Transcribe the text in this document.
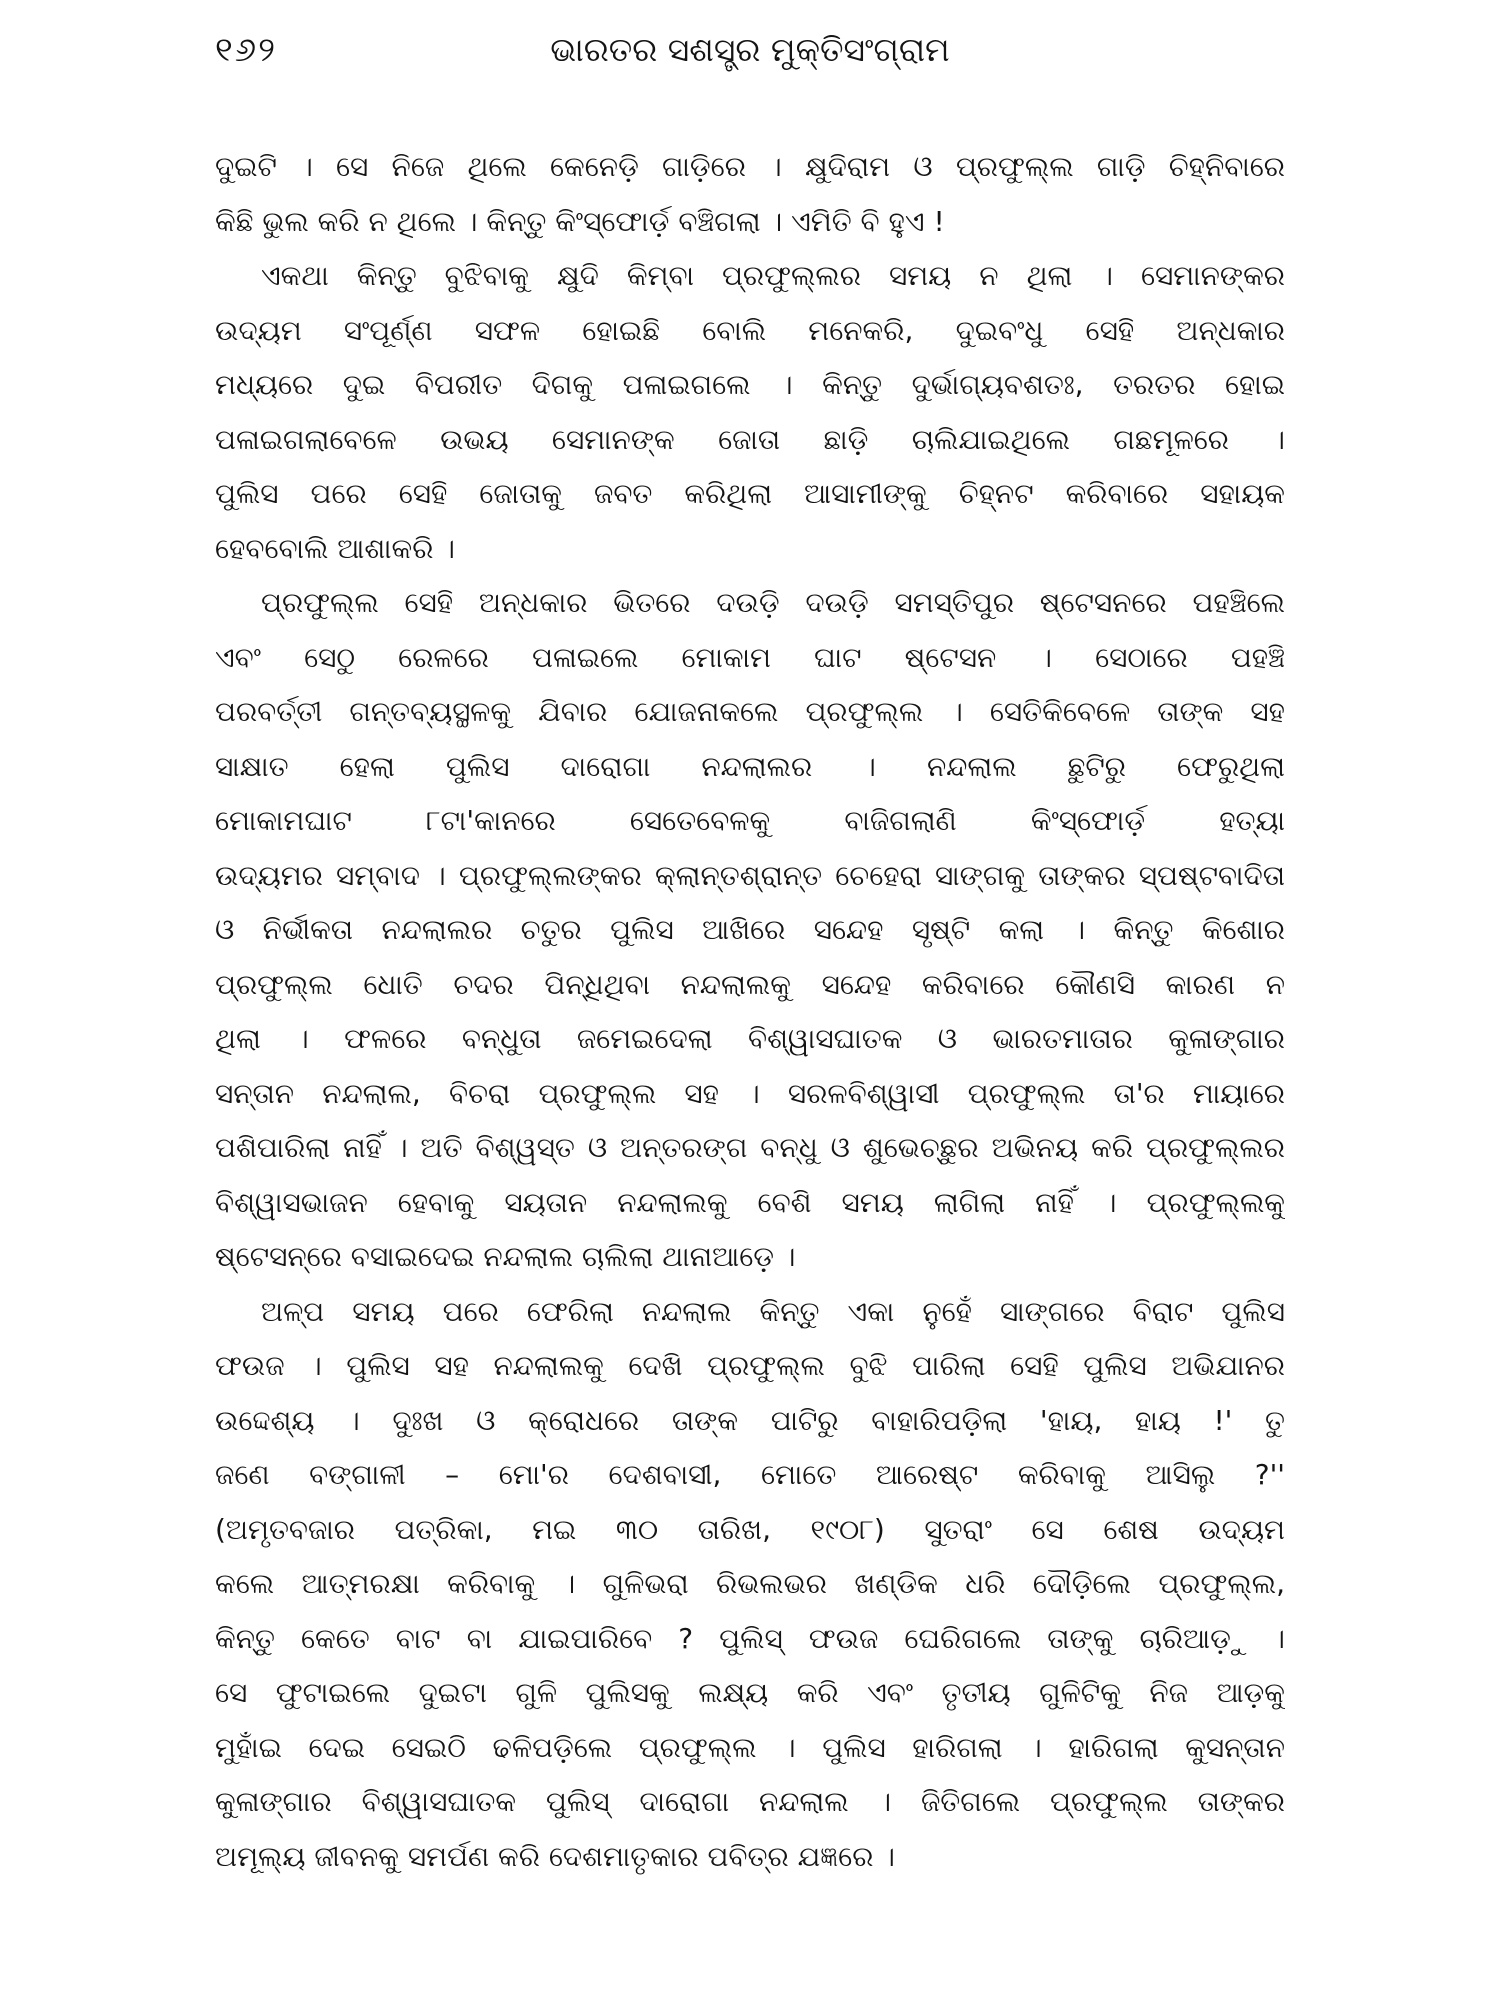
୧୬୨	ଭାରତର ସଶସ୍ତ୍ର ମୁକ୍ତିସଂଗ୍ରାମ
ଦୁଇଟି । ସେ ନିଜେ ଥିଲେ କେନେଡ଼ି ଗାଡ଼ିରେ । କ୍ଷୁଦିରାମ ଓ ପ୍ରଫୁଲ୍ଲ ଗାଡ଼ି ଚିହ୍ନିବାରେ
କିଛି ଭୁଲ କରି ନ ଥିଲେ । କିନ୍ତୁ କିଂସ୍‌ଫୋର୍ଡ଼ ବଞ୍ଚିଗଲା । ଏମିତି ବି ହୁଏ !
ଏକଥା କିନ୍ତୁ ବୁଝିବାକୁ କ୍ଷୁଦି କିମ୍ବା ପ୍ରଫୁଲ୍ଲର ସମୟ ନ ଥିଲା । ସେମାନଙ୍କର
ଉଦ୍ୟମ ସଂପୂର୍ଣ୍ଣ ସଫଳ ହୋଇଛି ବୋଲି ମନେକରି, ଦୁଇବଂଧୁ ସେହି ଅନ୍ଧକାର
ମଧ୍ୟରେ ଦୁଇ ବିପରୀତ ଦିଗକୁ ପଳାଇଗଲେ । କିନ୍ତୁ ଦୁର୍ଭାଗ୍ୟବଶତଃ, ତରତର ହୋଇ
ପଳାଇଗଲାବେଳେ ଉଭୟ ସେମାନଙ୍କ ଜୋତା ଛାଡ଼ି ଚାଲିଯାଇଥିଲେ ଗଛମୂଳରେ ।
ପୁଲିସ ପରେ ସେହି ଜୋତାକୁ ଜବତ କରିଥିଲା ଆସାମୀଙ୍କୁ ଚିହ୍ନଟ କରିବାରେ ସହାୟକ
ହେବବୋଲି ଆଶାକରି ।
ପ୍ରଫୁଲ୍ଲ ସେହି ଅନ୍ଧକାର ଭିତରେ ଦଉଡ଼ି ଦଉଡ଼ି ସମସ୍ତିପୁର ଷ୍ଟେସନରେ ପହଞ୍ଚିଲେ
ଏବଂ ସେଠୁ ରେଳରେ ପଳାଇଲେ ମୋକାମ ଘାଟ ଷ୍ଟେସନ । ସେଠାରେ ପହଞ୍ଚି
ପରବର୍ତ୍ତୀ ଗନ୍ତବ୍ୟସ୍ଥଳକୁ ଯିବାର ଯୋଜନାକଲେ ପ୍ରଫୁଲ୍ଲ । ସେତିକିବେଳେ ତାଙ୍କ ସହ
ସାକ୍ଷାତ ହେଲା ପୁଲିସ ଦାରୋଗା ନନ୍ଦଲାଲର । ନନ୍ଦଲାଲ ଛୁଟିରୁ ଫେରୁଥିଲା
ମୋକାମଘାଟ ୮ଟା'କାନରେ ସେତେବେଳକୁ ବାଜିଗଲାଣି କିଂସ୍‌ଫୋର୍ଡ଼ ହତ୍ୟା
ଉଦ୍ୟମର ସମ୍ବାଦ । ପ୍ରଫୁଲ୍ଲଙ୍କର କ୍ଲାନ୍ତଶ୍ରାନ୍ତ ଚେହେରା ସାଙ୍ଗକୁ ତାଙ୍କର ସ୍ପଷ୍ଟବାଦିତା
ଓ ନିର୍ଭୀକତା ନନ୍ଦଲାଲର ଚତୁର ପୁଲିସ ଆଖିରେ ସନ୍ଦେହ ସୃଷ୍ଟି କଲା । କିନ୍ତୁ କିଶୋର
ପ୍ରଫୁଲ୍ଲ ଧୋତି ଚଦର ପିନ୍ଧିଥିବା ନନ୍ଦଲାଲକୁ ସନ୍ଦେହ କରିବାରେ କୌଣସି କାରଣ ନ
ଥିଲା । ଫଳରେ ବନ୍ଧୁତା ଜମେଇଦେଲା ବିଶ୍ୱାସଘାତକ ଓ ଭାରତମାତାର କୁଳାଙ୍ଗାର
ସନ୍ତାନ ନନ୍ଦଲାଲ, ବିଚରା ପ୍ରଫୁଲ୍ଲ ସହ । ସରଳବିଶ୍ୱାସୀ ପ୍ରଫୁଲ୍ଲ ତା'ର ମାୟାରେ
ପଶିପାରିଲା ନାହିଁ । ଅତି ବିଶ୍ୱସ୍ତ ଓ ଅନ୍ତରଙ୍ଗ ବନ୍ଧୁ ଓ ଶୁଭେଚ୍ଛୁର ଅଭିନୟ କରି ପ୍ରଫୁଲ୍ଲର
ବିଶ୍ୱାସଭାଜନ ହେବାକୁ ସୟତାନ ନନ୍ଦଲାଲକୁ ବେଶି ସମୟ ଲାଗିଲା ନାହିଁ । ପ୍ରଫୁଲ୍ଲକୁ
ଷ୍ଟେସନ୍‌ରେ ବସାଇଦେଇ ନନ୍ଦଲାଲ ଚାଲିଲା ଥାନାଆଡ଼େ ।
ଅଳ୍ପ ସମୟ ପରେ ଫେରିଲା ନନ୍ଦଲାଲ କିନ୍ତୁ ଏକା ନୁହେଁ ସାଙ୍ଗରେ ବିରାଟ ପୁଲିସ
ଫଉଜ । ପୁଲିସ ସହ ନନ୍ଦଲାଲକୁ ଦେଖି ପ୍ରଫୁଲ୍ଲ ବୁଝି ପାରିଲା ସେହି ପୁଲିସ ଅଭିଯାନର
ଉଦ୍ଦେଶ୍ୟ । ଦୁଃଖ ଓ କ୍ରୋଧରେ ତାଙ୍କ ପାଟିରୁ ବାହାରିପଡ଼ିଲା 'ହାୟ, ହାୟ !' ତୁ
ଜଣେ ବଙ୍ଗାଳୀ – ମୋ'ର ଦେଶବାସୀ, ମୋତେ ଆରେଷ୍ଟ କରିବାକୁ ଆସିଲୁ ?''
(ଅମୃତବଜାର ପତ୍ରିକା, ମଇ ୩୦ ତାରିଖ, ୧୯୦୮) ସୁତରାଂ ସେ ଶେଷ ଉଦ୍ୟମ
କଲେ ଆତ୍ମରକ୍ଷା କରିବାକୁ । ଗୁଳିଭରା ରିଭଲଭର ଖଣ୍ଡିକ ଧରି ଦୌଡ଼ିଲେ ପ୍ରଫୁଲ୍ଲ,
କିନ୍ତୁ କେତେ ବାଟ ବା ଯାଇପାରିବେ ? ପୁଲିସ୍ ଫଉଜ ଘେରିଗଲେ ତାଙ୍କୁ ଚାରିଆଡ଼ୁ ।
ସେ ଫୁଟାଇଲେ ଦୁଇଟା ଗୁଳି ପୁଲିସକୁ ଲକ୍ଷ୍ୟ କରି ଏବଂ ତୃତୀୟ ଗୁଳିଟିକୁ ନିଜ ଆଡ଼କୁ
ମୁହାଁଇ ଦେଇ ସେଇଠି ଢଳିପଡ଼ିଲେ ପ୍ରଫୁଲ୍ଲ । ପୁଲିସ ହାରିଗଲା । ହାରିଗଲା କୁସନ୍ତାନ
କୁଳାଙ୍ଗାର ବିଶ୍ୱାସଘାତକ ପୁଲିସ୍ ଦାରୋଗା ନନ୍ଦଲାଲ । ଜିତିଗଲେ ପ୍ରଫୁଲ୍ଲ ତାଙ୍କର
ଅମୂଲ୍ୟ ଜୀବନକୁ ସମର୍ପଣ କରି ଦେଶମାତୃକାର ପବିତ୍ର ଯଜ୍ଞରେ ।
